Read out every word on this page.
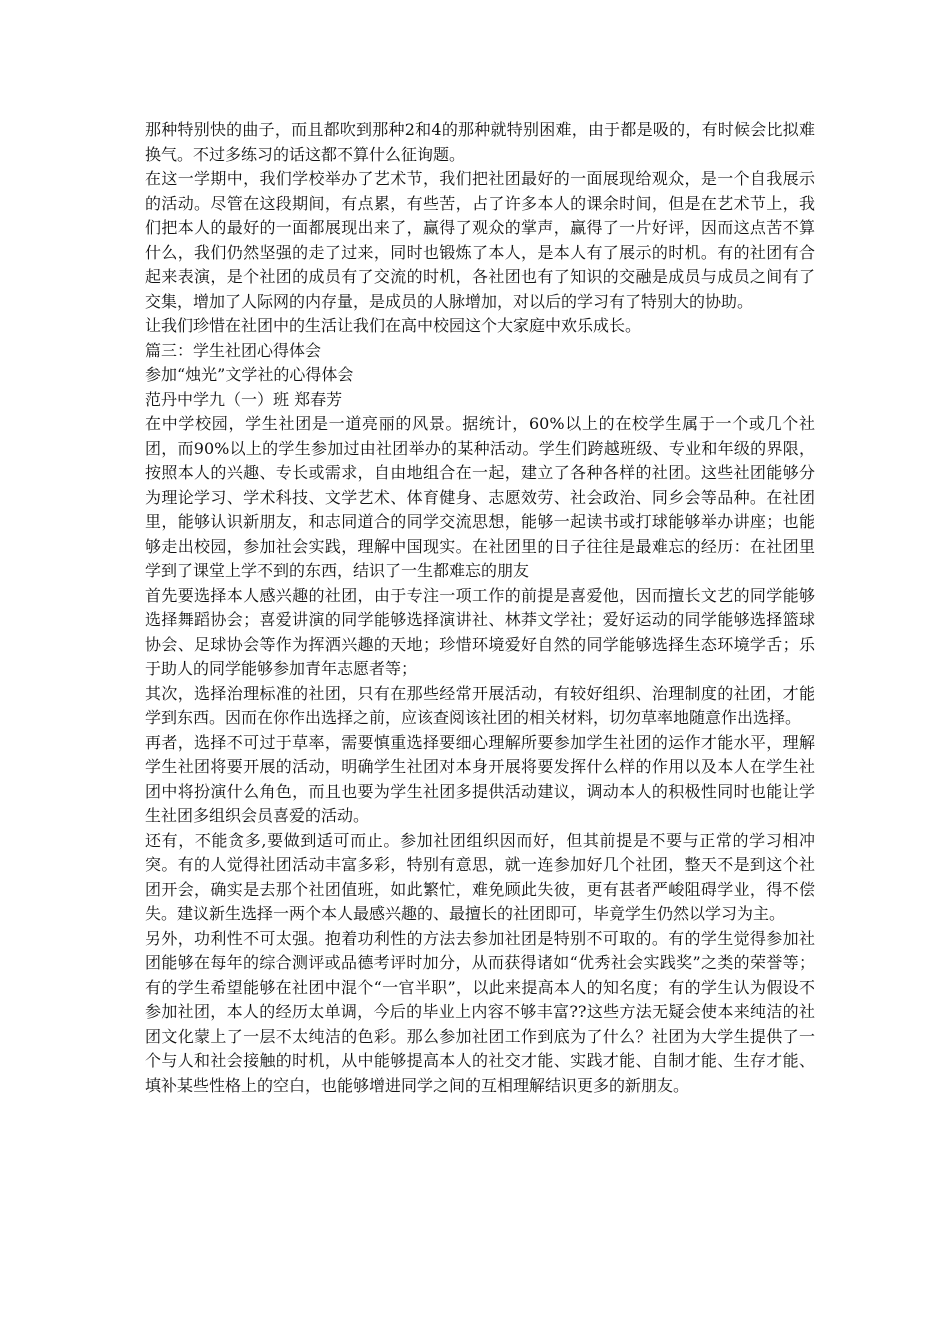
那种特别快的曲子，而且都吹到那种2和4的那种就特别困难，由于都是吸的，有时候会比拟难换气。不过多练习的话这都不算什么征询题。

在这一学期中，我们学校举办了艺术节，我们把社团最好的一面展现给观众，是一个自我展示的活动。尽管在这段期间，有点累，有些苦，占了许多本人的课余时间，但是在艺术节上，我们把本人的最好的一面都展现出来了，赢得了观众的掌声，赢得了一片好评，因而这点苦不算什么，我们仍然坚强的走了过来，同时也锻炼了本人，是本人有了展示的时机。有的社团有合起来表演，是个社团的成员有了交流的时机，各社团也有了知识的交融是成员与成员之间有了交集，增加了人际网的内存量，是成员的人脉增加，对以后的学习有了特别大的协助。

让我们珍惜在社团中的生活让我们在高中校园这个大家庭中欢乐成长。

篇三：学生社团心得体会

参加“烛光”文学社的心得体会

范丹中学九（一）班 郑春芳

在中学校园，学生社团是一道亮丽的风景。据统计，60%以上的在校学生属于一个或几个社团，而90%以上的学生参加过由社团举办的某种活动。学生们跨越班级、专业和年级的界限，按照本人的兴趣、专长或需求，自由地组合在一起，建立了各种各样的社团。这些社团能够分为理论学习、学术科技、文学艺术、体育健身、志愿效劳、社会政治、同乡会等品种。在社团里，能够认识新朋友，和志同道合的同学交流思想，能够一起读书或打球能够举办讲座；也能够走出校园，参加社会实践，理解中国现实。在社团里的日子往往是最难忘的经历：在社团里学到了课堂上学不到的东西，结识了一生都难忘的朋友

首先要选择本人感兴趣的社团，由于专注一项工作的前提是喜爱他，因而擅长文艺的同学能够选择舞蹈协会；喜爱讲演的同学能够选择演讲社、林莽文学社；爱好运动的同学能够选择篮球协会、足球协会等作为挥洒兴趣的天地；珍惜环境爱好自然的同学能够选择生态环境学舌；乐于助人的同学能够参加青年志愿者等；

其次，选择治理标准的社团，只有在那些经常开展活动，有较好组织、治理制度的社团，才能学到东西。因而在你作出选择之前，应该查阅该社团的相关材料，切勿草率地随意作出选择。

再者，选择不可过于草率，需要慎重选择要细心理解所要参加学生社团的运作才能水平，理解学生社团将要开展的活动，明确学生社团对本身开展将要发挥什么样的作用以及本人在学生社团中将扮演什么角色，而且也要为学生社团多提供活动建议，调动本人的积极性同时也能让学生社团多组织会员喜爱的活动。

还有，不能贪多,要做到适可而止。参加社团组织因而好，但其前提是不要与正常的学习相冲突。有的人觉得社团活动丰富多彩，特别有意思，就一连参加好几个社团，整天不是到这个社团开会，确实是去那个社团值班，如此繁忙，难免顾此失彼，更有甚者严峻阻碍学业，得不偿失。建议新生选择一两个本人最感兴趣的、最擅长的社团即可，毕竟学生仍然以学习为主。

另外，功利性不可太强。抱着功利性的方法去参加社团是特别不可取的。有的学生觉得参加社团能够在每年的综合测评或品德考评时加分，从而获得诸如“优秀社会实践奖”之类的荣誉等；有的学生希望能够在社团中混个“一官半职”，以此来提高本人的知名度；有的学生认为假设不参加社团，本人的经历太单调，今后的毕业上内容不够丰富??这些方法无疑会使本来纯洁的社团文化蒙上了一层不太纯洁的色彩。那么参加社团工作到底为了什么？社团为大学生提供了一个与人和社会接触的时机，从中能够提高本人的社交才能、实践才能、自制才能、生存才能、填补某些性格上的空白，也能够增进同学之间的互相理解结识更多的新朋友。
